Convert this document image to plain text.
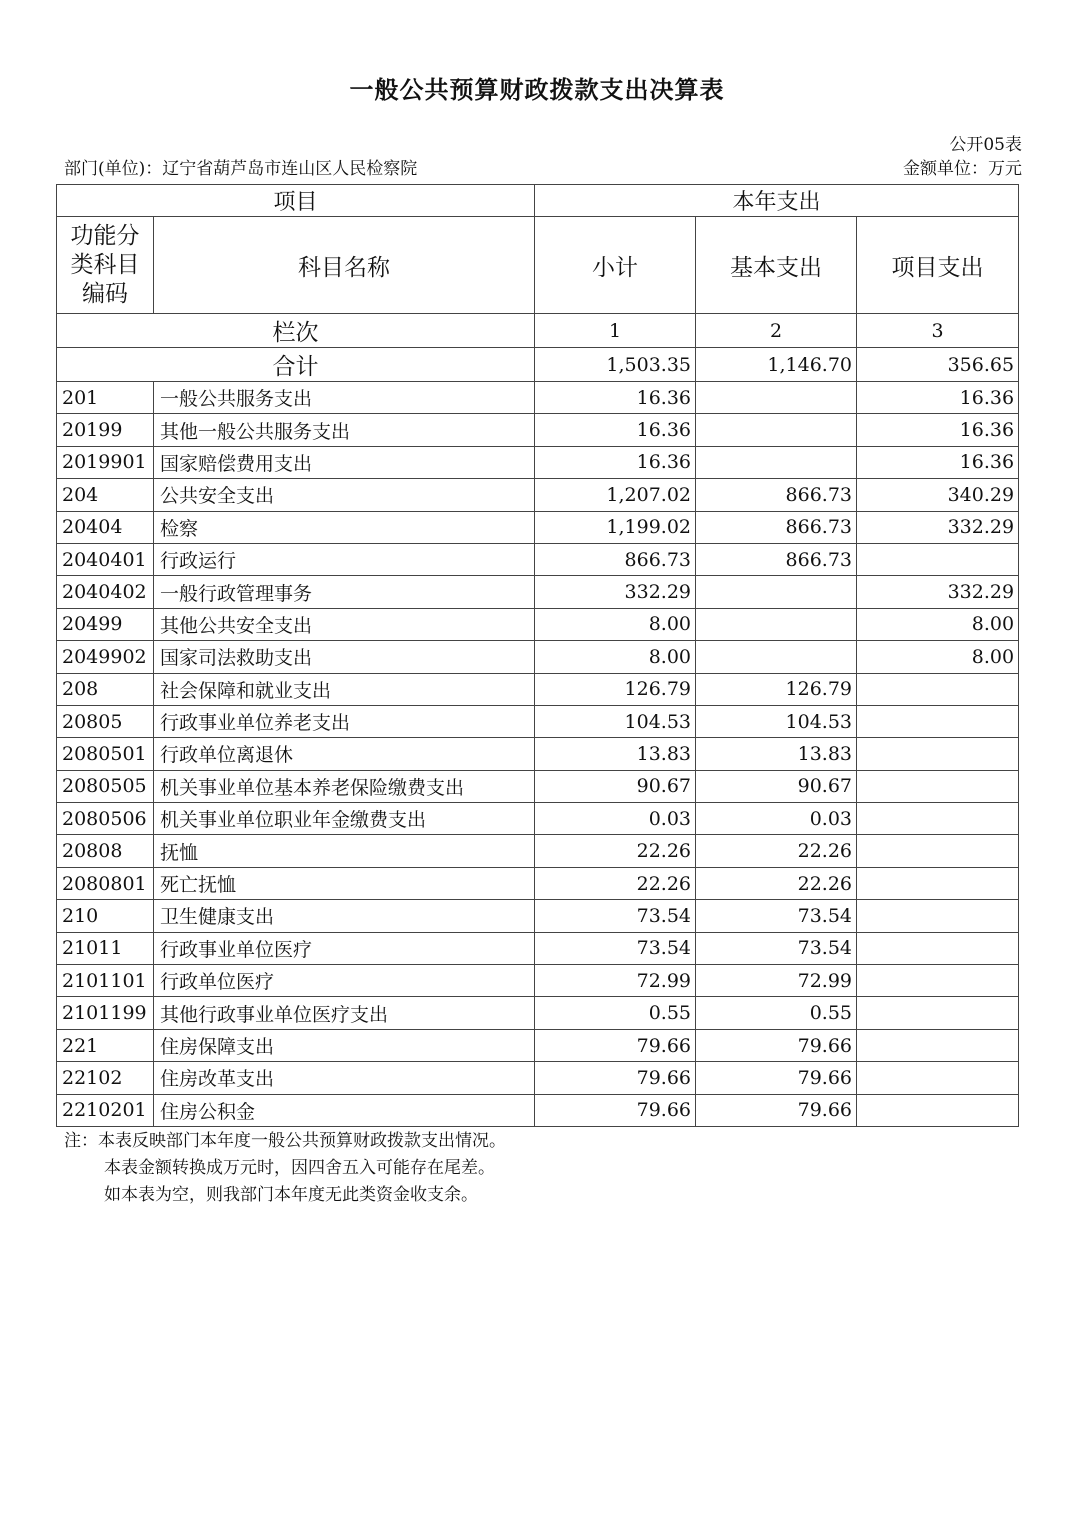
一般公共预算财政拨款支出决算表
公开05表
部门(单位)：辽宁省葫芦岛市连山区人民检察院	金额单位：万元
项目		本年支出		
功能分类科目编码	科目名称	小计	基本支出	项目支出
栏次		1	2	3
合计		1,503.35	1,146.70	356.65
201	一般公共服务支出	16.36		16.36
20199	其他一般公共服务支出	16.36		16.36
2019901	国家赔偿费用支出	16.36		16.36
204	公共安全支出	1,207.02	866.73	340.29
20404	检察	1,199.02	866.73	332.29
2040401	行政运行	866.73	866.73	
2040402	一般行政管理事务	332.29		332.29
20499	其他公共安全支出	8.00		8.00
2049902	国家司法救助支出	8.00		8.00
208	社会保障和就业支出	126.79	126.79	
20805	行政事业单位养老支出	104.53	104.53	
2080501	行政单位离退休	13.83	13.83	
2080505	机关事业单位基本养老保险缴费支出	90.67	90.67	
2080506	机关事业单位职业年金缴费支出	0.03	0.03	
20808	抚恤	22.26	22.26	
2080801	死亡抚恤	22.26	22.26	
210	卫生健康支出	73.54	73.54	
21011	行政事业单位医疗	73.54	73.54	
2101101	行政单位医疗	72.99	72.99	
2101199	其他行政事业单位医疗支出	0.55	0.55	
221	住房保障支出	79.66	79.66	
22102	住房改革支出	79.66	79.66	
2210201	住房公积金	79.66	79.66	
注：本表反映部门本年度一般公共预算财政拨款支出情况。
本表金额转换成万元时，因四舍五入可能存在尾差。
如本表为空，则我部门本年度无此类资金收支余。
